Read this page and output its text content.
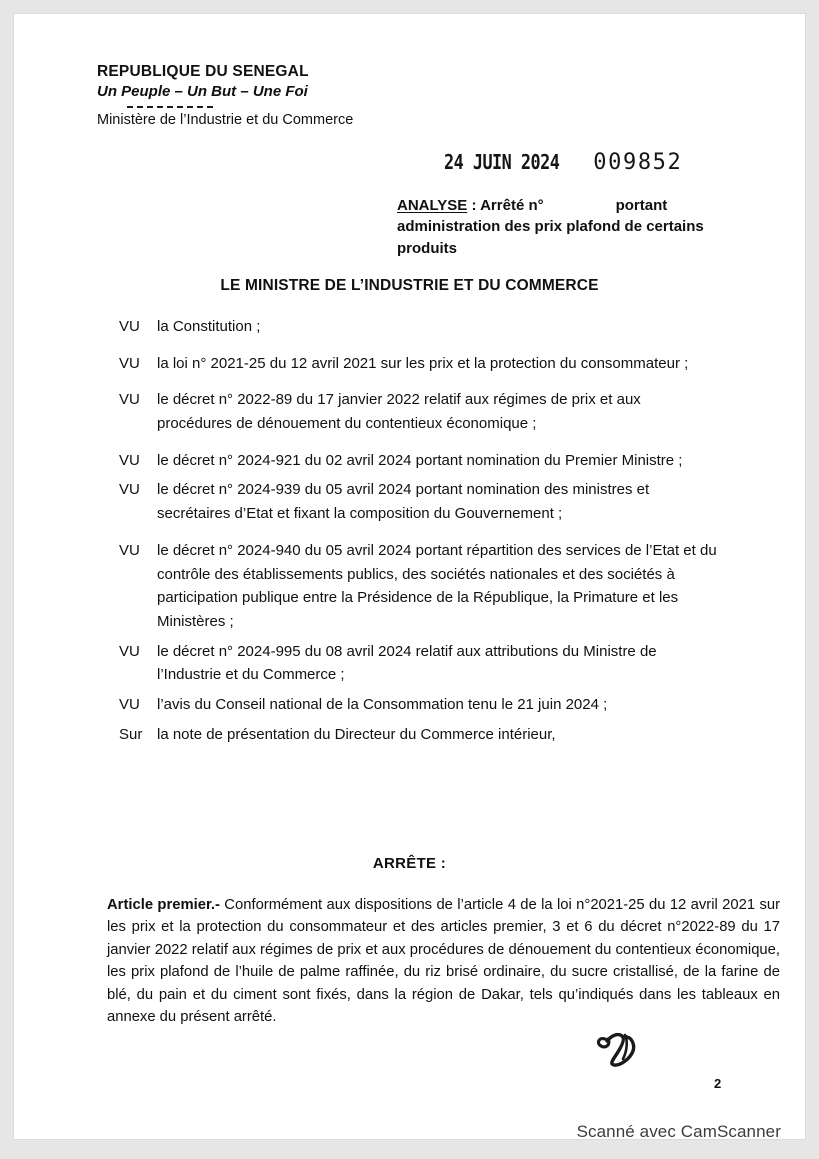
REPUBLIQUE DU SENEGAL
Un Peuple – Un But – Une Foi
Ministère de l’Industrie et du Commerce
24 JUIN 2024 009852
ANALYSE : Arrêté n°	portant administration des prix plafond de certains produits
LE MINISTRE DE L’INDUSTRIE ET DU COMMERCE
VU	la Constitution ;
VU	la loi n° 2021-25 du 12 avril 2021 sur les prix et la protection du consommateur ;
VU	le décret n° 2022-89 du 17 janvier 2022 relatif aux régimes de prix et aux procédures de dénouement du contentieux économique ;
VU	le décret n° 2024-921 du 02 avril 2024 portant nomination du Premier Ministre ;
VU	le décret n° 2024-939 du 05 avril 2024 portant nomination des ministres et secrétaires d’Etat et fixant la composition du Gouvernement ;
VU	le décret n° 2024-940 du 05 avril 2024 portant répartition des services de l’Etat et du contrôle des établissements publics, des sociétés nationales et des sociétés à participation publique entre la Présidence de la République, la Primature et les Ministères ;
VU	le décret n° 2024-995 du 08 avril 2024 relatif aux attributions du Ministre de l’Industrie et du Commerce ;
VU	l’avis du Conseil national de la Consommation tenu le 21 juin 2024 ;
Sur la note de présentation du Directeur du Commerce intérieur,
ARRÊTE :
Article premier.- Conformément aux dispositions de l’article 4 de la loi n°2021-25 du 12 avril 2021 sur les prix et la protection du consommateur et des articles premier, 3 et 6 du décret n°2022-89 du 17 janvier 2022 relatif aux régimes de prix et aux procédures de dénouement du contentieux économique, les prix plafond de l’huile de palme raffinée, du riz brisé ordinaire, du sucre cristallisé, de la farine de blé, du pain et du ciment sont fixés, dans la région de Dakar, tels qu’indiqués dans les tableaux en annexe du présent arrêté.
2
Scanné avec CamScanner
